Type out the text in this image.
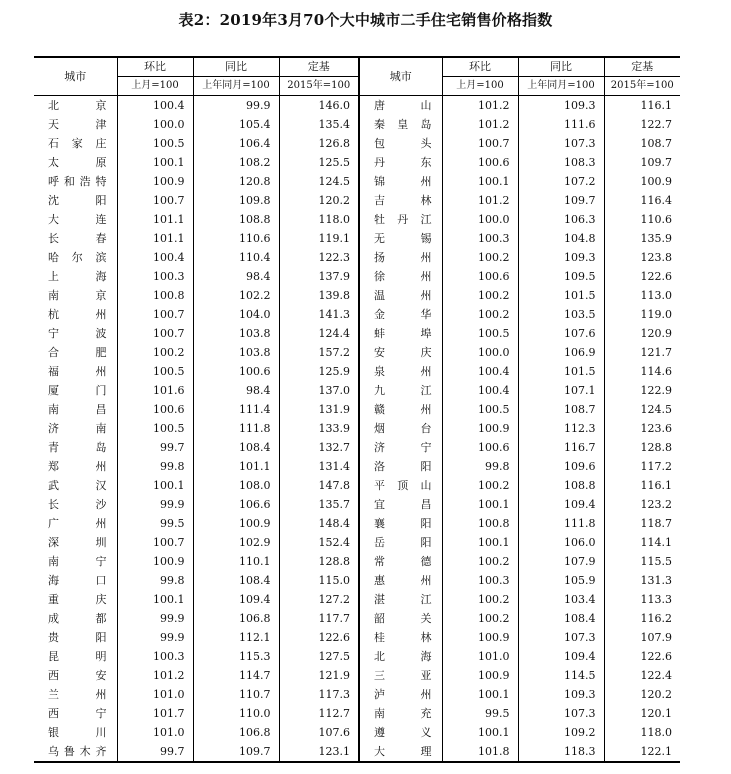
表2：2019年3月70个大中城市二手住宅销售价格指数
城市	环比	同比	定基	城市	环比	同比	定基
	上月=100	上年同月=100	2015年=100		上月=100	上年同月=100	2015年=100

北 京	100.4	99.9	146.0	唐 山	101.2	109.3	116.1

天 津	100.0	105.4	135.4	秦皇岛	101.2	111.6	122.7

石家庄	100.5	106.4	126.8	包 头	100.7	107.3	108.7

太 原	100.1	108.2	125.5	丹 东	100.6	108.3	109.7

呼和浩特	100.9	120.8	124.5	锦 州	100.1	107.2	100.9

沈 阳	100.7	109.8	120.2	吉 林	101.2	109.7	116.4

大 连	101.1	108.8	118.0	牡丹江	100.0	106.3	110.6

长 春	101.1	110.6	119.1	无 锡	100.3	104.8	135.9

哈尔滨	100.4	110.4	122.3	扬 州	100.2	109.3	123.8

上 海	100.3	98.4	137.9	徐 州	100.6	109.5	122.6

南 京	100.8	102.2	139.8	温 州	100.2	101.5	113.0

杭 州	100.7	104.0	141.3	金 华	100.2	103.5	119.0

宁 波	100.7	103.8	124.4	蚌 埠	100.5	107.6	120.9

合 肥	100.2	103.8	157.2	安 庆	100.0	106.9	121.7

福 州	100.5	100.6	125.9	泉 州	100.4	101.5	114.6

厦 门	101.6	98.4	137.0	九 江	100.4	107.1	122.9

南 昌	100.6	111.4	131.9	赣 州	100.5	108.7	124.5

济 南	100.5	111.8	133.9	烟 台	100.9	112.3	123.6

青 岛	99.7	108.4	132.7	济 宁	100.6	116.7	128.8

郑 州	99.8	101.1	131.4	洛 阳	99.8	109.6	117.2

武 汉	100.1	108.0	147.8	平顶山	100.2	108.8	116.1

长 沙	99.9	106.6	135.7	宜 昌	100.1	109.4	123.2

广 州	99.5	100.9	148.4	襄 阳	100.8	111.8	118.7

深 圳	100.7	102.9	152.4	岳 阳	100.1	106.0	114.1

南 宁	100.9	110.1	128.8	常 德	100.2	107.9	115.5

海 口	99.8	108.4	115.0	惠 州	100.3	105.9	131.3

重 庆	100.1	109.4	127.2	湛 江	100.2	103.4	113.3

成 都	99.9	106.8	117.7	韶 关	100.2	108.4	116.2

贵 阳	99.9	112.1	122.6	桂 林	100.9	107.3	107.9

昆 明	100.3	115.3	127.5	北 海	101.0	109.4	122.6

西 安	101.2	114.7	121.9	三 亚	100.9	114.5	122.4

兰 州	101.0	110.7	117.3	泸 州	100.1	109.3	120.2

西 宁	101.7	110.0	112.7	南 充	99.5	107.3	120.1

银 川	101.0	106.8	107.6	遵 义	100.1	109.2	118.0

乌鲁木齐	99.7	109.7	123.1	大 理	101.8	118.3	122.1
